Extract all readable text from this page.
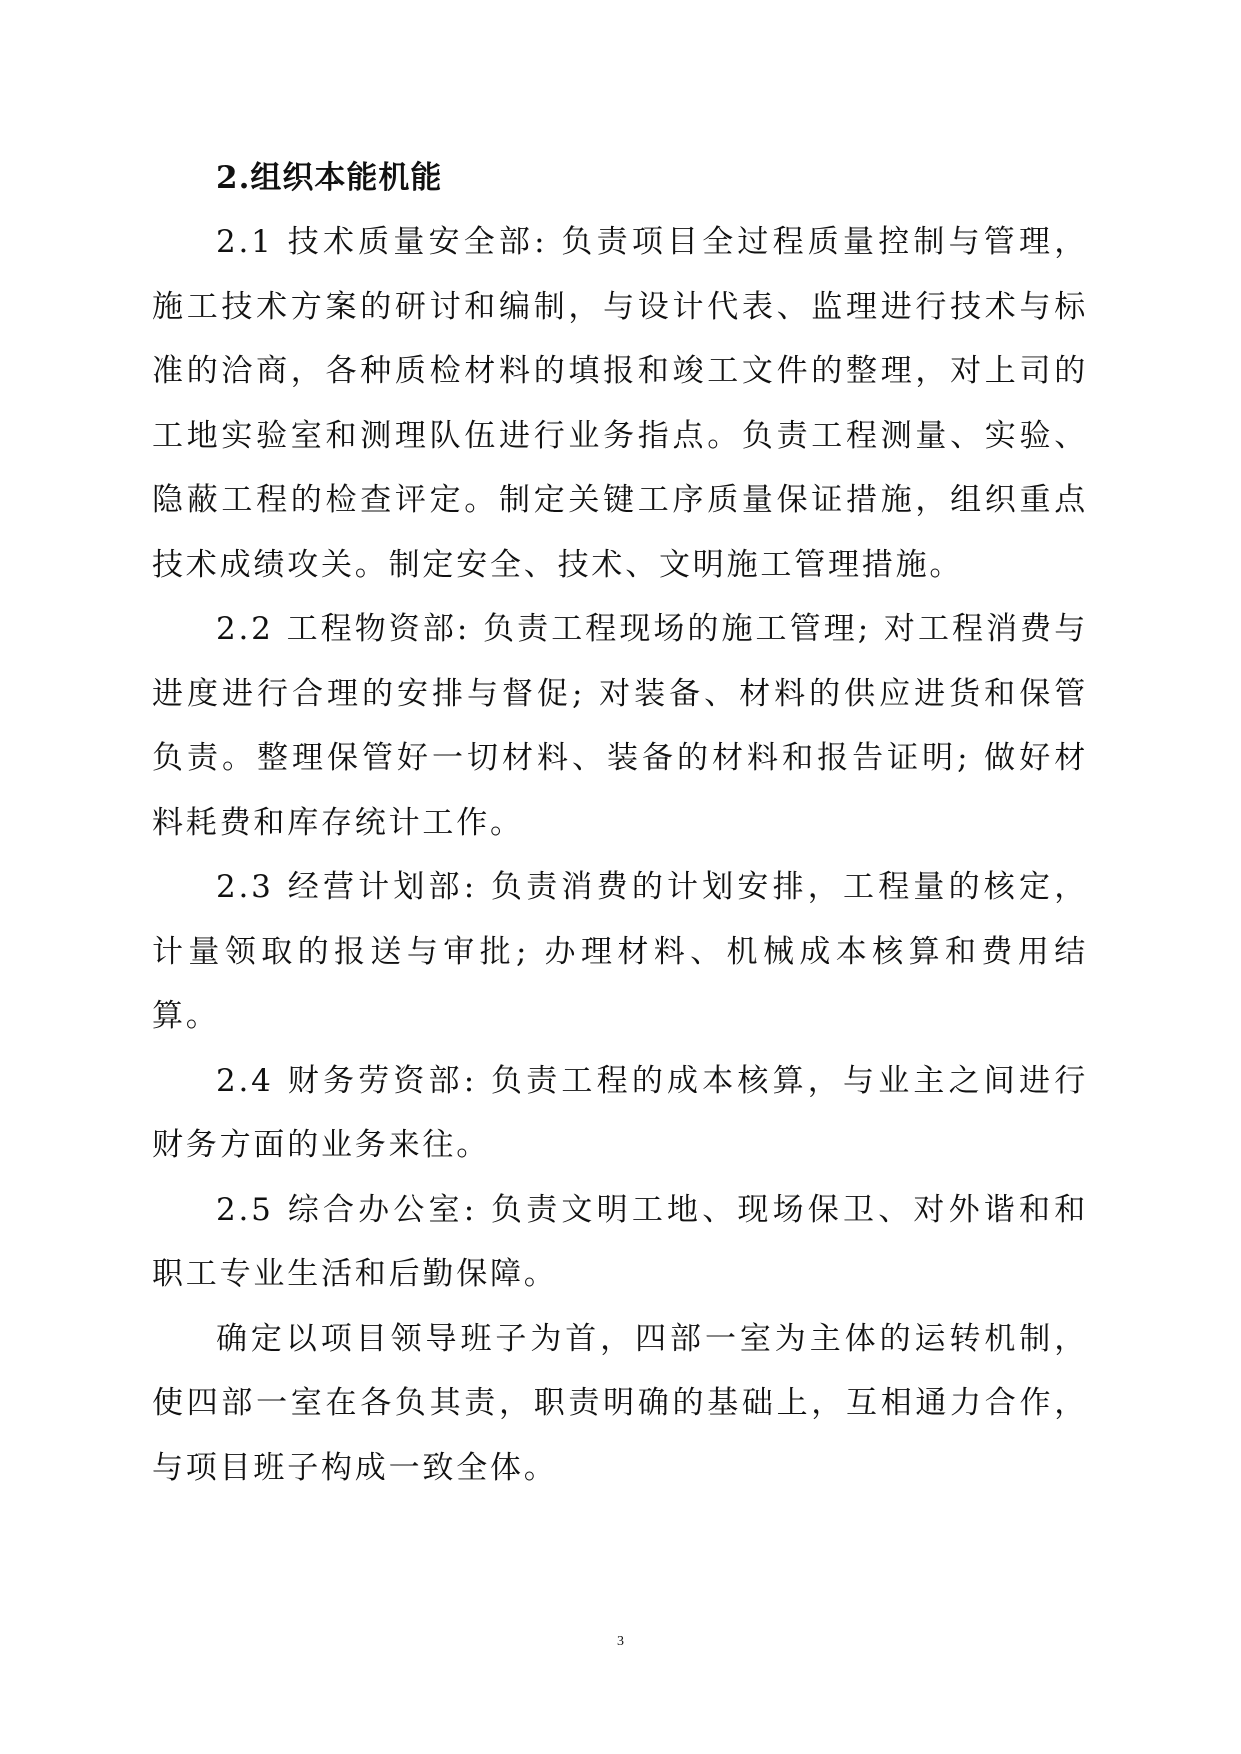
2.组织本能机能

2.1 技术质量安全部: 负责项目全过程质量控制与管理，施工技术方案的研讨和编制，与设计代表、监理进行技术与标准的洽商，各种质检材料的填报和竣工文件的整理，对上司的工地实验室和测理队伍进行业务指点。负责工程测量、实验、隐蔽工程的检查评定。制定关键工序质量保证措施，组织重点技术成绩攻关。制定安全、技术、文明施工管理措施。

2.2 工程物资部: 负责工程现场的施工管理; 对工程消费与进度进行合理的安排与督促; 对装备、材料的供应进货和保管负责。整理保管好一切材料、装备的材料和报告证明; 做好材料耗费和库存统计工作。

2.3 经营计划部: 负责消费的计划安排，工程量的核定，计量领取的报送与审批; 办理材料、机械成本核算和费用结算。

2.4 财务劳资部: 负责工程的成本核算，与业主之间进行财务方面的业务来往。

2.5 综合办公室: 负责文明工地、现场保卫、对外谐和和职工专业生活和后勤保障。

确定以项目领导班子为首，四部一室为主体的运转机制，使四部一室在各负其责，职责明确的基础上，互相通力合作，与项目班子构成一致全体。

3
